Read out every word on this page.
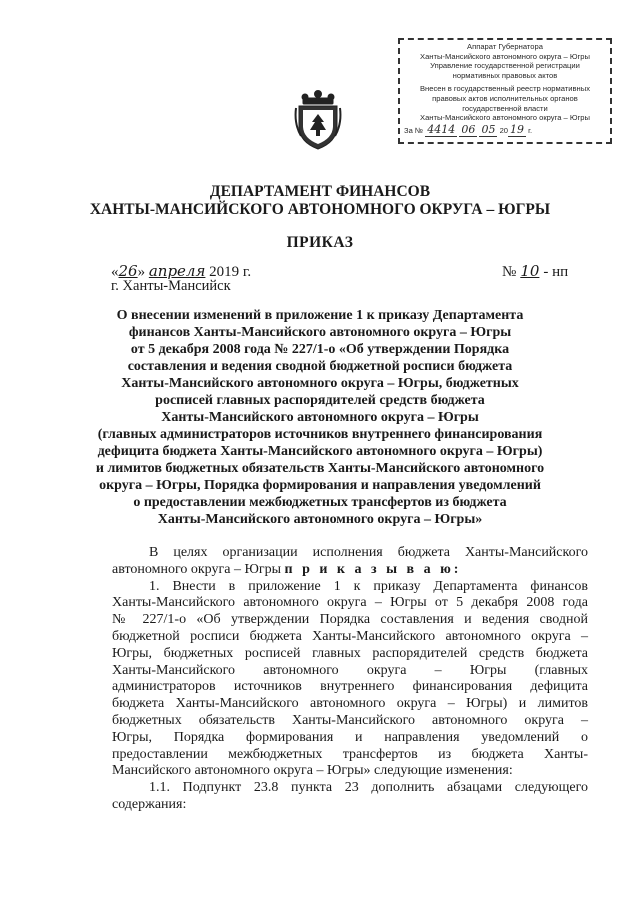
Аппарат Губернатора
Ханты-Мансийского автономного округа – Югры
Управление государственной регистрации
нормативных правовых актов
Внесен в государственный реестр нормативных
правовых актов исполнительных органов
государственной власти
Ханты-Мансийского автономного округа – Югры
За № 4414 06 05 20 19 г.
ДЕПАРТАМЕНТ ФИНАНСОВ
ХАНТЫ-МАНСИЙСКОГО АВТОНОМНОГО ОКРУГА – ЮГРЫ
ПРИКАЗ
«26» апреля 2019 г.
г. Ханты-Мансийск
№ 10 - нп
О внесении изменений в приложение 1 к приказу Департамента
финансов Ханты-Мансийского автономного округа – Югры
от 5 декабря 2008 года № 227/1-о «Об утверждении Порядка
составления и ведения сводной бюджетной росписи бюджета
Ханты-Мансийского автономного округа – Югры, бюджетных
росписей главных распорядителей средств бюджета
Ханты-Мансийского автономного округа – Югры
(главных администраторов источников внутреннего финансирования
дефицита бюджета Ханты-Мансийского автономного округа – Югры)
и лимитов бюджетных обязательств Ханты-Мансийского автономного
округа – Югры, Порядка формирования и направления уведомлений
о предоставлении межбюджетных трансфертов из бюджета
Ханты-Мансийского автономного округа – Югры»
В целях организации исполнения бюджета Ханты-Мансийского
автономного округа – Югры п р и к а з ы в а ю:
1. Внести в приложение 1 к приказу Департамента финансов
Ханты-Мансийского автономного округа – Югры от 5 декабря 2008 года
№ 227/1-о «Об утверждении Порядка составления и ведения сводной
бюджетной росписи бюджета Ханты-Мансийского автономного округа –
Югры, бюджетных росписей главных распорядителей средств бюджета
Ханты-Мансийского автономного округа – Югры (главных
администраторов источников внутреннего финансирования дефицита
бюджета Ханты-Мансийского автономного округа – Югры) и лимитов
бюджетных обязательств Ханты-Мансийского автономного округа –
Югры, Порядка формирования и направления уведомлений о
предоставлении межбюджетных трансфертов из бюджета Ханты-
Мансийского автономного округа – Югры» следующие изменения:
1.1. Подпункт 23.8 пункта 23 дополнить абзацами следующего
содержания:
